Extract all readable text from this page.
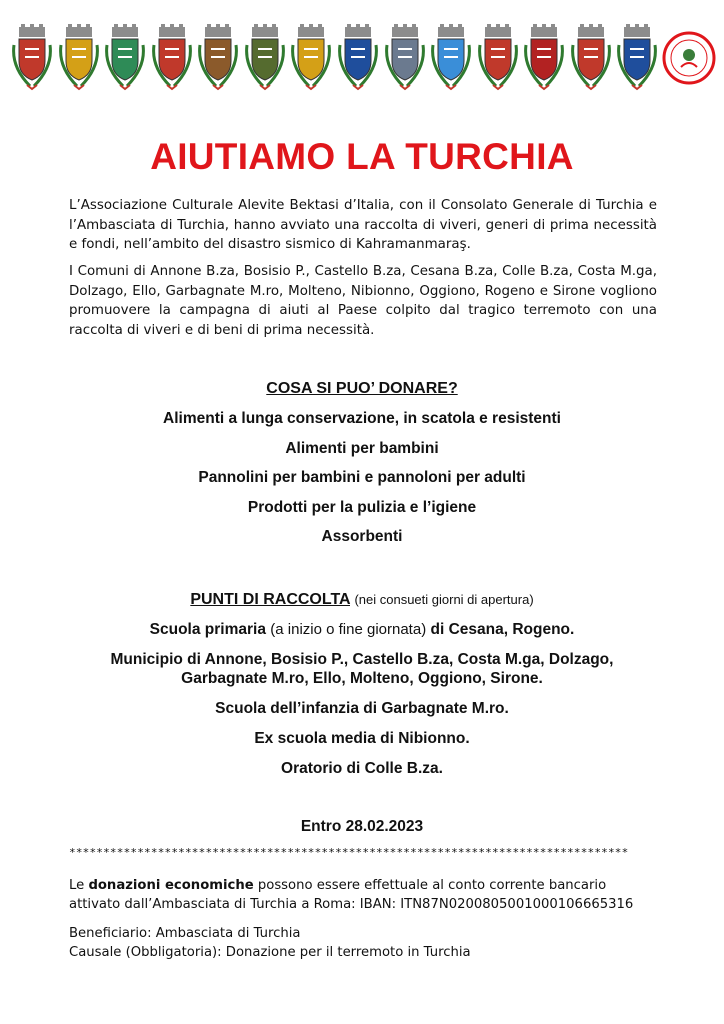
AIUTIAMO LA TURCHIA
L’Associazione Culturale Alevite Bektasi d’Italia, con il Consolato Generale di Turchia e l’Ambasciata di Turchia, hanno avviato una raccolta di viveri, generi di prima necessità e fondi, nell’ambito del disastro sismico di Kahramanmaraş.
I Comuni di Annone B.za, Bosisio P., Castello B.za, Cesana B.za, Colle B.za, Costa M.ga, Dolzago, Ello, Garbagnate M.ro, Molteno, Nibionno, Oggiono, Rogeno e Sirone vogliono promuovere la campagna di aiuti al Paese colpito dal tragico terremoto con una raccolta di viveri e di beni di prima necessità.
COSA SI PUO’ DONARE?
Alimenti a lunga conservazione, in scatola e resistenti
Alimenti per bambini
Pannolini per bambini e pannoloni per adulti
Prodotti per la pulizia e l’igiene
Assorbenti
PUNTI DI RACCOLTA (nei consueti giorni di apertura)
Scuola primaria (a inizio o fine giornata) di Cesana, Rogeno.
Municipio di Annone, Bosisio P., Castello B.za, Costa M.ga, Dolzago,
Garbagnate M.ro, Ello, Molteno, Oggiono, Sirone.
Scuola dell’infanzia di Garbagnate M.ro.
Ex scuola media di Nibionno.
Oratorio di Colle B.za.
Entro 28.02.2023
**********************************************************************************
Le donazioni economiche possono essere effettuale al conto corrente bancario
attivato dall’Ambasciata di Turchia a Roma: IBAN: ITN87N0200805001000106665316
Beneficiario: Ambasciata di Turchia
Causale (Obbligatoria): Donazione per il terremoto in Turchia
